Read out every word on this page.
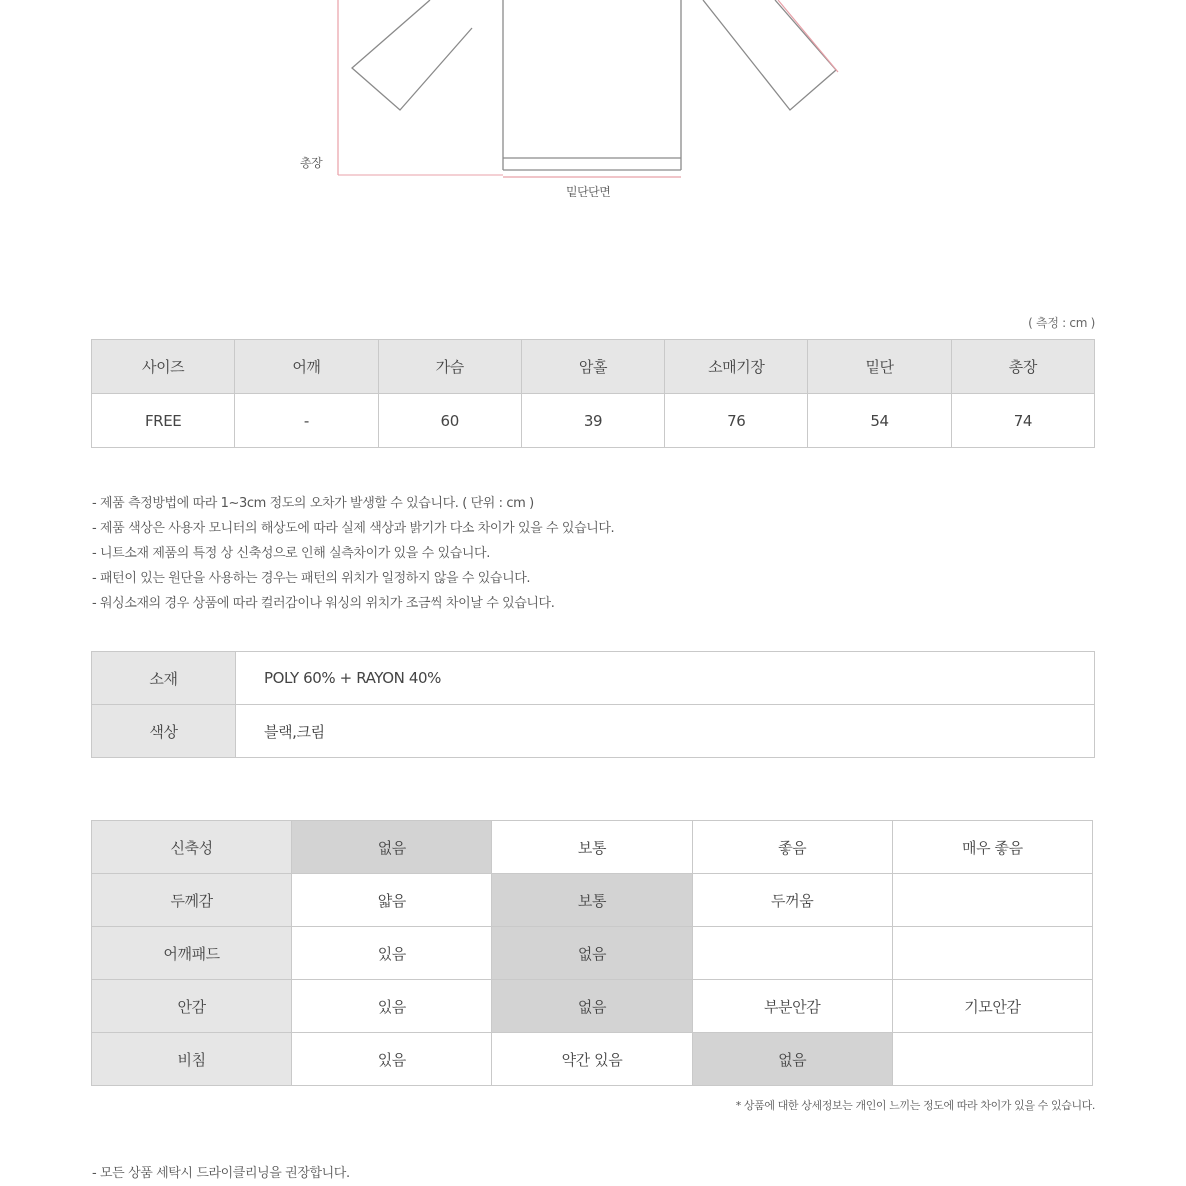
총장
밑단단면
( 측정 : cm )
사이즈	어깨	가슴	암홀	소매기장	밑단	총장
FREE	-	60	39	76	54	74
- 제품 측정방법에 따라 1~3cm 정도의 오차가 발생할 수 있습니다. ( 단위 : cm )
- 제품 색상은 사용자 모니터의 해상도에 따라 실제 색상과 밝기가 다소 차이가 있을 수 있습니다.
- 니트소재 제품의 특정 상 신축성으로 인해 실측차이가 있을 수 있습니다.
- 패턴이 있는 원단을 사용하는 경우는 패턴의 위치가 일정하지 않을 수 있습니다.
- 워싱소재의 경우 상품에 따라 컬러감이나 워싱의 위치가 조금씩 차이날 수 있습니다.
소재	POLY 60% + RAYON 40%
색상	블랙,크림
신축성	없음	보통	좋음	매우 좋음
두께감	얇음	보통	두꺼움	
어깨패드	있음	없음		
안감	있음	없음	부분안감	기모안감
비침	있음	약간 있음	없음	
* 상품에 대한 상세정보는 개인이 느끼는 정도에 따라 차이가 있을 수 있습니다.
- 모든 상품 세탁시 드라이클리닝을 권장합니다.
